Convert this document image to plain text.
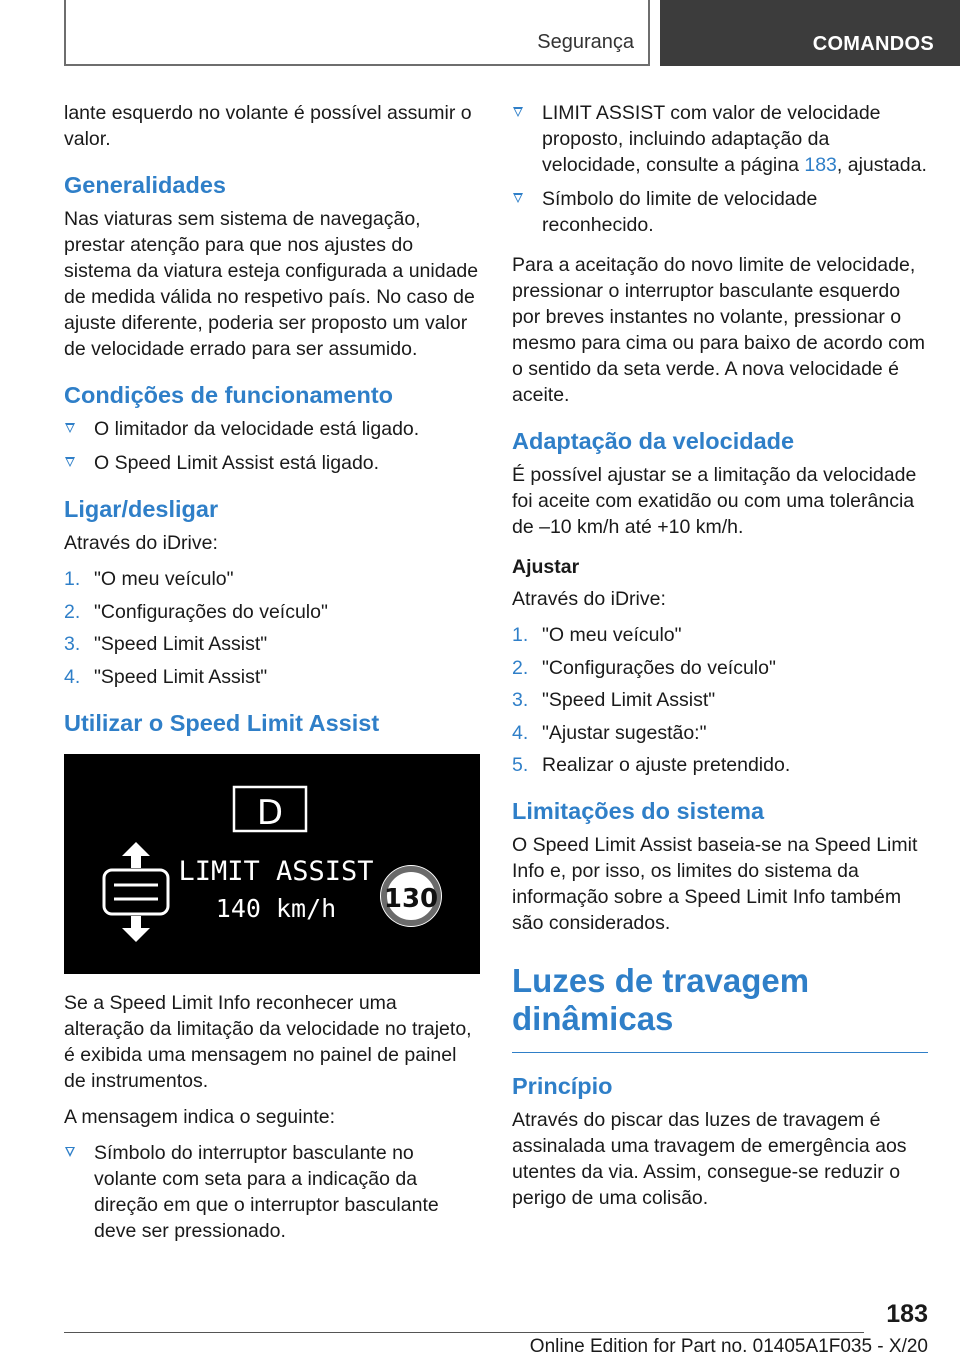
Segurança	COMANDOS

lante esquerdo no volante é possível assumir o valor.

Generalidades

Nas viaturas sem sistema de navegação, prestar atenção para que nos ajustes do sistema da viatura esteja configurada a unidade de medida válida no respetivo país. No caso de ajuste diferente, poderia ser proposto um valor de velocidade errado para ser assumido.

Condições de funcionamento
O limitador da velocidade está ligado.
O Speed Limit Assist está ligado.
Ligar/desligar

Através do iDrive:

1. "O meu veículo"
2. "Configurações do veículo"
3. "Speed Limit Assist"
4. "Speed Limit Assist"
Utilizar o Speed Limit Assist
D
LIMIT ASSIST
140 km/h 130

Se a Speed Limit Info reconhecer uma alteração da limitação da velocidade no trajeto, é exibida uma mensagem no painel de painel de instrumentos.

A mensagem indica o seguinte:

Símbolo do interruptor basculante no volante com seta para a indicação da direção em que o interruptor basculante deve ser pressionado.
LIMIT ASSIST com valor de velocidade proposto, incluindo adaptação da velocidade, consulte a página 183, ajustada.
Símbolo do limite de velocidade reconhecido.

Para a aceitação do novo limite de velocidade, pressionar o interruptor basculante esquerdo por breves instantes no volante, pressionar o mesmo para cima ou para baixo de acordo com o sentido da seta verde. A nova velocidade é aceite.

Adaptação da velocidade

É possível ajustar se a limitação da velocidade foi aceite com exatidão ou com uma tolerância de –10 km/h até +10 km/h.

Ajustar

Através do iDrive:

1. "O meu veículo"
2. "Configurações do veículo"
3. "Speed Limit Assist"
4. "Ajustar sugestão:"
5. Realizar o ajuste pretendido.
Limitações do sistema

O Speed Limit Assist baseia-se na Speed Limit Info e, por isso, os limites do sistema da informação sobre a Speed Limit Info também são considerados.

Luzes de travagem dinâmicas
Princípio

Através do piscar das luzes de travagem é assinalada uma travagem de emergência aos utentes da via. Assim, consegue-se reduzir o perigo de uma colisão.

183
Online Edition for Part no. 01405A1F035 - X/20
